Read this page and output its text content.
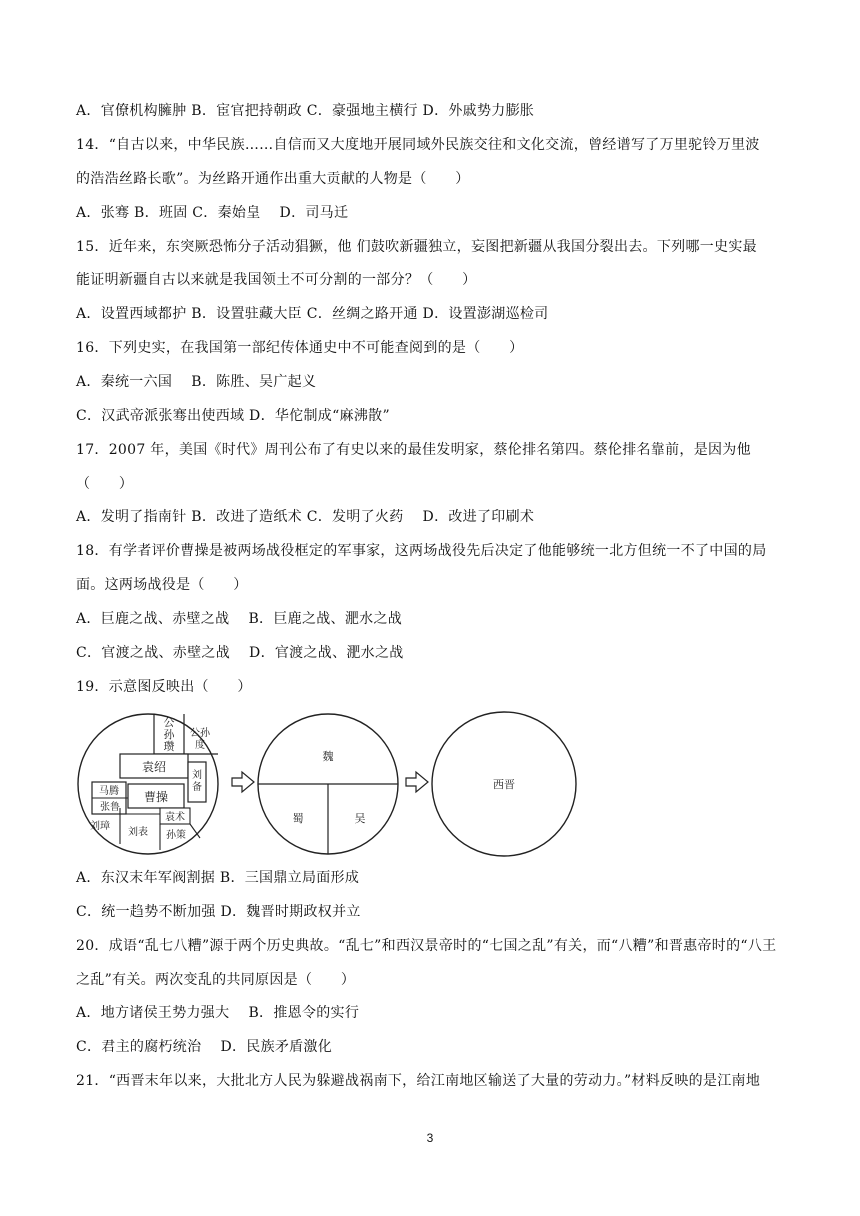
A．官僚机构臃肿 B．宦官把持朝政 C．豪强地主横行 D．外戚势力膨胀
14．“自古以来，中华民族……自信而又大度地开展同域外民族交往和文化交流，曾经谱写了万里驼铃万里波
的浩浩丝路长歌”。为丝路开通作出重大贡献的人物是（　　）
A．张骞 B．班固 C．秦始皇　 D．司马迁
15．近年来，东突厥恐怖分子活动猖獗，他 们鼓吹新疆独立，妄图把新疆从我国分裂出去。下列哪一史实最
能证明新疆自古以来就是我国领土不可分割的一部分？（　　）
A．设置西域都护 B．设置驻藏大臣 C．丝绸之路开通 D．设置澎湖巡检司
16．下列史实，在我国第一部纪传体通史中不可能查阅到的是（　　）
A．秦统一六国　 B．陈胜、吴广起义
C．汉武帝派张骞出使西域 D．华佗制成“麻沸散”
17．2007 年，美国《时代》周刊公布了有史以来的最佳发明家，蔡伦排名第四。蔡伦排名靠前，是因为他
（　　）
A．发明了指南针 B．改进了造纸术 C．发明了火药　 D．改进了印刷术
18．有学者评价曹操是被两场战役框定的军事家，这两场战役先后决定了他能够统一北方但统一不了中国的局
面。这两场战役是（　　）
A．巨鹿之战、赤壁之战　 B．巨鹿之战、淝水之战
C．官渡之战、赤壁之战　 D．官渡之战、淝水之战
19．示意图反映出（　　）
公
孙
瓒
公孙
度
袁绍
刘
备
马腾
张鲁
曹操
袁术
刘璋
刘表 孙策
魏
蜀	吴
西晋
A．东汉末年军阀割据 B．三国鼎立局面形成
C．统一趋势不断加强 D．魏晋时期政权并立
20．成语“乱七八糟”源于两个历史典故。“乱七”和西汉景帝时的“七国之乱”有关，而“八糟”和晋惠帝时的“八王
之乱”有关。两次变乱的共同原因是（　　）
A．地方诸侯王势力强大　 B．推恩令的实行
C．君主的腐朽统治　 D．民族矛盾激化
21．“西晋末年以来，大批北方人民为躲避战祸南下，给江南地区输送了大量的劳动力。”材料反映的是江南地
3
